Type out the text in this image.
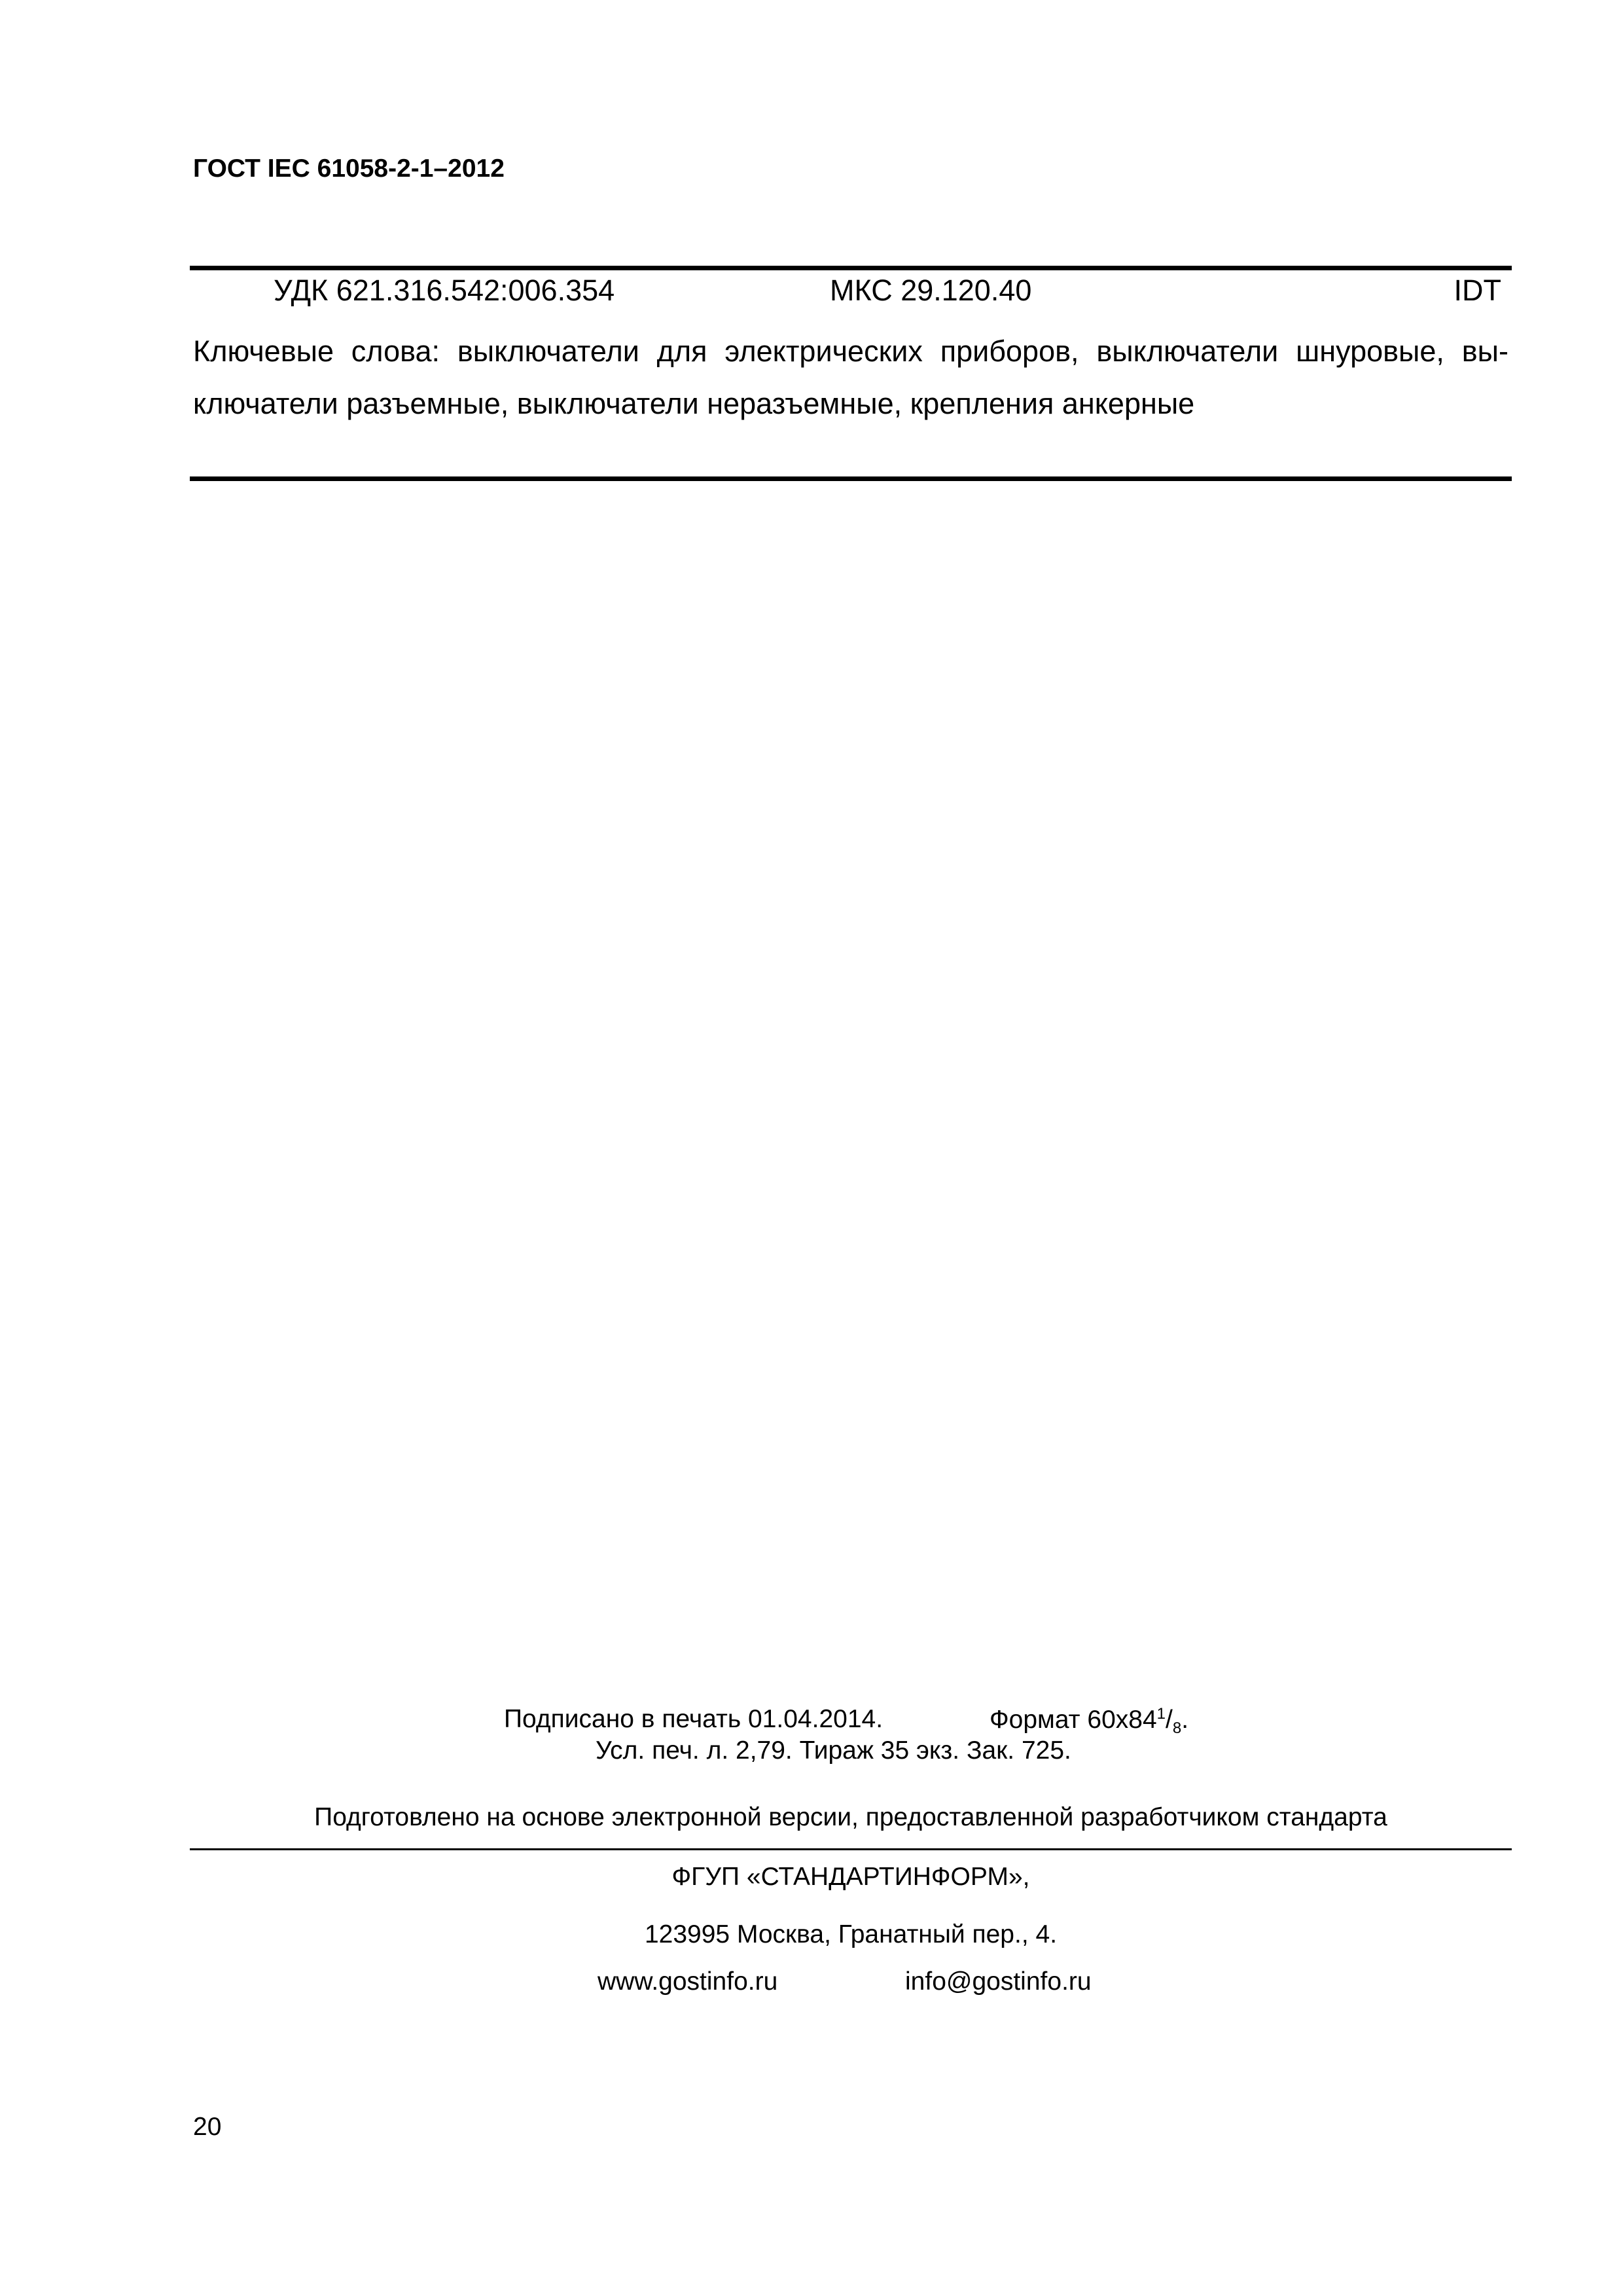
ГОСТ IEC 61058-2-1–2012
УДК 621.316.542:006.354	МКС 29.120.40	IDT
Ключевые слова: выключатели для электрических приборов, выключатели шнуровые, вы-
ключатели разъемные, выключатели неразъемные, крепления анкерные
Подписано в печать 01.04.2014.	Формат $60х84^1/_8$.
Усл. печ. л. 2,79. Тираж 35 экз. Зак. 725.
Подготовлено на основе электронной версии, предоставленной разработчиком стандарта
ФГУП «СТАНДАРТИНФОРМ»,
123995 Москва, Гранатный пер., 4.
www.gostinfo.ru	info@gostinfo.ru
20
